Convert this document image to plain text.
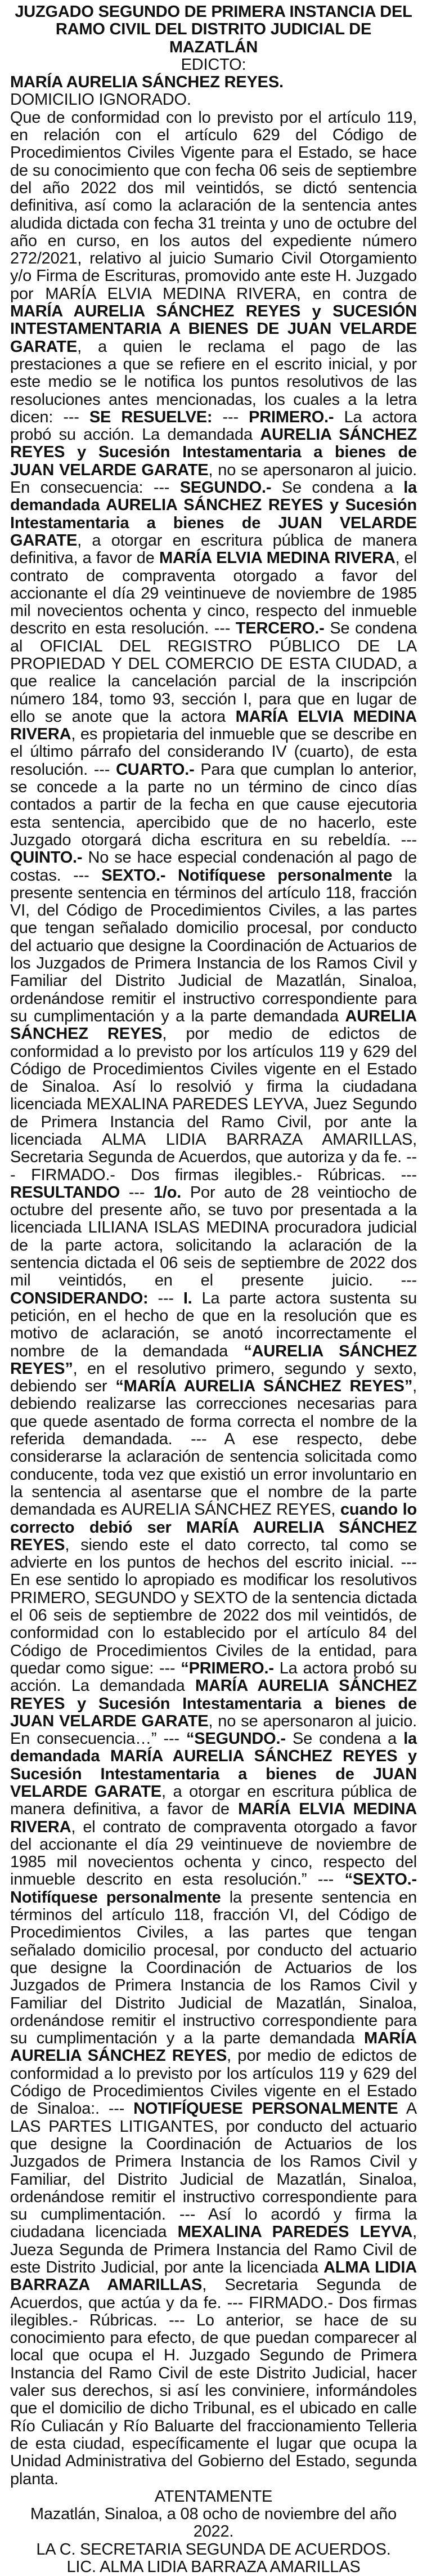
JUZGADO SEGUNDO DE PRIMERA INSTANCIA DEL

RAMO CIVIL DEL DISTRITO JUDICIAL DE MAZATLÁN

EDICTO:

MARÍA AURELIA SÁNCHEZ REYES.

DOMICILIO IGNORADO.

Que de conformidad con lo previsto por el artículo 119, en relación con el artículo 629 del Código de Procedimientos Civiles Vigente para el Estado, se hace de su conocimiento que con fecha 06 seis de septiembre del año 2022 dos mil veintidós, se dictó sentencia definitiva, así como la aclaración de la sentencia antes aludida dictada con fecha 31 treinta y uno de octubre del año en curso, en los autos del expediente número 272/2021, relativo al juicio Sumario Civil Otorgamiento y/o Firma de Escrituras, promovido ante este H. Juzgado por MARÍA ELVIA MEDINA RIVERA, en contra de MARÍA AURELIA SÁNCHEZ REYES y SUCESIÓN INTESTAMENTARIA A BIENES DE JUAN VELARDE GARATE, a quien le reclama el pago de las prestaciones a que se refiere en el escrito inicial, y por este medio se le notifica los puntos resolutivos de las resoluciones antes mencionadas, los cuales a la letra dicen: --- SE RESUELVE: --- PRIMERO.- La actora probó su acción. La demandada AURELIA SÁNCHEZ REYES y Sucesión Intestamentaria a bienes de JUAN VELARDE GARATE, no se apersonaron al juicio. En consecuencia: --- SEGUNDO.- Se condena a la demandada AURELIA SÁNCHEZ REYES y Sucesión Intestamentaria a bienes de JUAN VELARDE GARATE, a otorgar en escritura pública de manera definitiva, a favor de MARÍA ELVIA MEDINA RIVERA, el contrato de compraventa otorgado a favor del accionante el día 29 veintinueve de noviembre de 1985 mil novecientos ochenta y cinco, respecto del inmueble descrito en esta resolución. --- TERCERO.- Se condena al OFICIAL DEL REGISTRO PÚBLICO DE LA PROPIEDAD Y DEL COMERCIO DE ESTA CIUDAD, a que realice la cancelación parcial de la inscripción número 184, tomo 93, sección I, para que en lugar de ello se anote que la actora MARÍA ELVIA MEDINA RIVERA, es propietaria del inmueble que se describe en el último párrafo del considerando IV (cuarto), de esta resolución. --- CUARTO.- Para que cumplan lo anterior, se concede a la parte no un término de cinco días contados a partir de la fecha en que cause ejecutoria esta sentencia, apercibido que de no hacerlo, este Juzgado otorgará dicha escritura en su rebeldía. --- QUINTO.- No se hace especial condenación al pago de costas. --- SEXTO.- Notifíquese personalmente la presente sentencia en términos del artículo 118, fracción VI, del Código de Procedimientos Civiles, a las partes que tengan señalado domicilio procesal, por conducto del actuario que designe la Coordinación de Actuarios de los Juzgados de Primera Instancia de los Ramos Civil y Familiar del Distrito Judicial de Mazatlán, Sinaloa, ordenándose remitir el instructivo correspondiente para su cumplimentación y a la parte demandada AURELIA SÁNCHEZ REYES, por medio de edictos de conformidad a lo previsto por los artículos 119 y 629 del Código de Procedimientos Civiles vigente en el Estado de Sinaloa. Así lo resolvió y firma la ciudadana licenciada MEXALINA PAREDES LEYVA, Juez Segundo de Primera Instancia del Ramo Civil, por ante la licenciada ALMA LIDIA BARRAZA AMARILLAS, Secretaria Segunda de Acuerdos, que autoriza y da fe. --- FIRMADO.- Dos firmas ilegibles.- Rúbricas. --- RESULTANDO --- 1/o. Por auto de 28 veintiocho de octubre del presente año, se tuvo por presentada a la licenciada LILIANA ISLAS MEDINA procuradora judicial de la parte actora, solicitando la aclaración de la sentencia dictada el 06 seis de septiembre de 2022 dos mil veintidós, en el presente juicio. --- CONSIDERANDO: --- I. La parte actora sustenta su petición, en el hecho de que en la resolución que es motivo de aclaración, se anotó incorrectamente el nombre de la demandada “AURELIA SÁNCHEZ REYES”, en el resolutivo primero, segundo y sexto, debiendo ser “MARÍA AURELIA SÁNCHEZ REYES”, debiendo realizarse las correcciones necesarias para que quede asentado de forma correcta el nombre de la referida demandada. --- A ese respecto, debe considerarse la aclaración de sentencia solicitada como conducente, toda vez que existió un error involuntario en la sentencia al asentarse que el nombre de la parte demandada es AURELIA SÁNCHEZ REYES, cuando lo correcto debió ser MARÍA AURELIA SÁNCHEZ REYES, siendo este el dato correcto, tal como se advierte en los puntos de hechos del escrito inicial. --- En ese sentido lo apropiado es modificar los resolutivos PRIMERO, SEGUNDO y SEXTO de la sentencia dictada el 06 seis de septiembre de 2022 dos mil veintidós, de conformidad con lo establecido por el artículo 84 del Código de Procedimientos Civiles de la entidad, para quedar como sigue: --- “PRIMERO.- La actora probó su acción. La demandada MARÍA AURELIA SÁNCHEZ REYES y Sucesión Intestamentaria a bienes de JUAN VELARDE GARATE, no se apersonaron al juicio. En consecuencia…” --- “SEGUNDO.- Se condena a la demandada MARÍA AURELIA SÁNCHEZ REYES y Sucesión Intestamentaria a bienes de JUAN VELARDE GARATE, a otorgar en escritura pública de manera definitiva, a favor de MARÍA ELVIA MEDINA RIVERA, el contrato de compraventa otorgado a favor del accionante el día 29 veintinueve de noviembre de 1985 mil novecientos ochenta y cinco, respecto del inmueble descrito en esta resolución.” --- “SEXTO.- Notifíquese personalmente la presente sentencia en términos del artículo 118, fracción VI, del Código de Procedimientos Civiles, a las partes que tengan señalado domicilio procesal, por conducto del actuario que designe la Coordinación de Actuarios de los Juzgados de Primera Instancia de los Ramos Civil y Familiar del Distrito Judicial de Mazatlán, Sinaloa, ordenándose remitir el instructivo correspondiente para su cumplimentación y a la parte demandada MARÍA AURELIA SÁNCHEZ REYES, por medio de edictos de conformidad a lo previsto por los artículos 119 y 629 del Código de Procedimientos Civiles vigente en el Estado de Sinaloa:. --- NOTIFÍQUESE PERSONALMENTE A LAS PARTES LITIGANTES, por conducto del actuario que designe la Coordinación de Actuarios de los Juzgados de Primera Instancia de los Ramos Civil y Familiar, del Distrito Judicial de Mazatlán, Sinaloa, ordenándose remitir el instructivo correspondiente para su cumplimentación. --- Así lo acordó y firma la ciudadana licenciada MEXALINA PAREDES LEYVA, Jueza Segunda de Primera Instancia del Ramo Civil de este Distrito Judicial, por ante la licenciada ALMA LIDIA BARRAZA AMARILLAS, Secretaria Segunda de Acuerdos, que actúa y da fe. --- FIRMADO.- Dos firmas ilegibles.- Rúbricas. --- Lo anterior, se hace de su conocimiento para efecto, de que puedan comparecer al local que ocupa el H. Juzgado Segundo de Primera Instancia del Ramo Civil de este Distrito Judicial, hacer valer sus derechos, si así les conviniere, informándoles que el domicilio de dicho Tribunal, es el ubicado en calle Río Culiacán y Río Baluarte del fraccionamiento Telleria de esta ciudad, específicamente el lugar que ocupa la Unidad Administrativa del Gobierno del Estado, segunda planta.

ATENTAMENTE

Mazatlán, Sinaloa, a 08 ocho de noviembre del año 2022.

LA C. SECRETARIA SEGUNDA DE ACUERDOS.

LIC. ALMA LIDIA BARRAZA AMARILLAS
